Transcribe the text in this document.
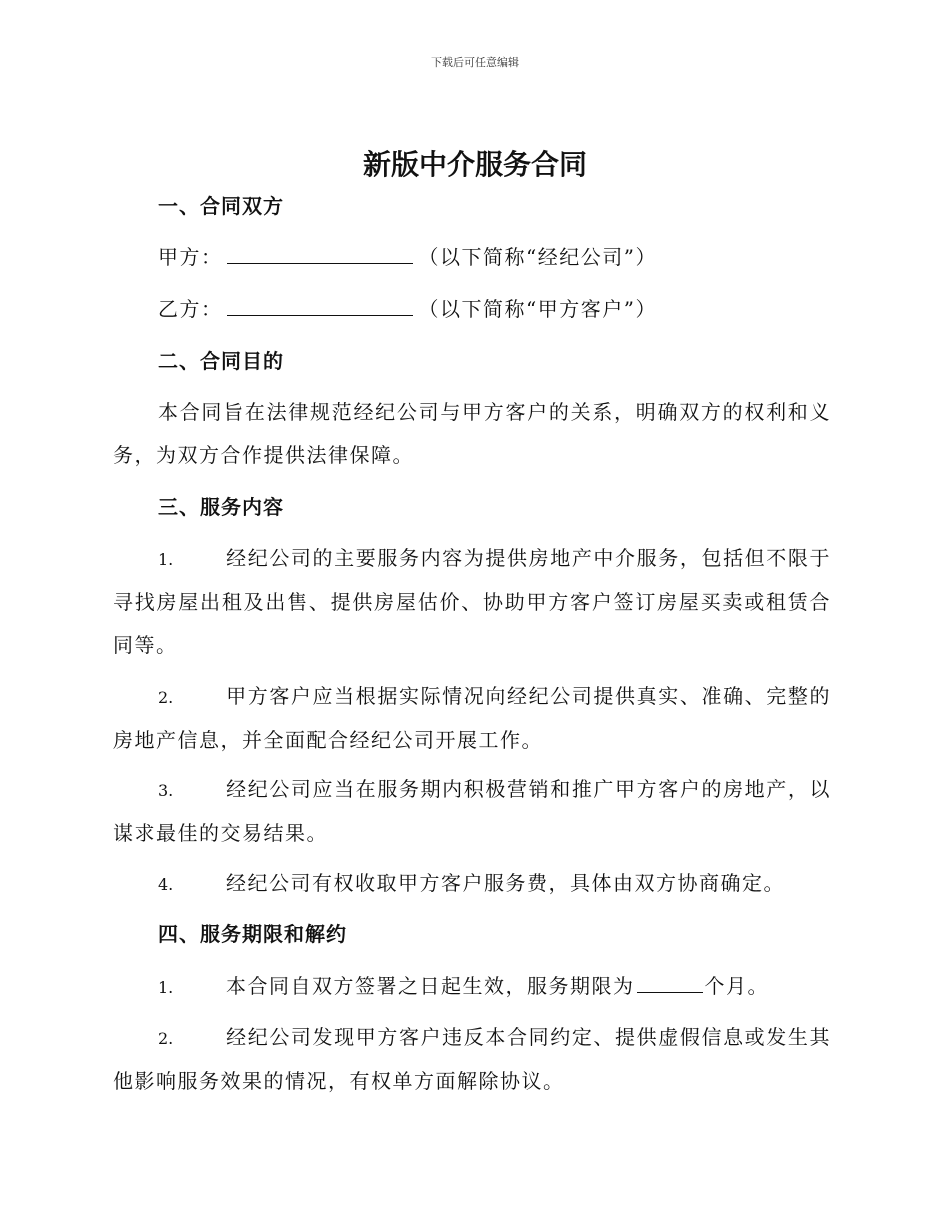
下载后可任意编辑
新版中介服务合同
一、合同双方
甲方：	（以下简称“经纪公司”）
乙方：	（以下简称“甲方客户”）
二、合同目的
本合同旨在法律规范经纪公司与甲方客户的关系，明确双方的权利和义务，为双方合作提供法律保障。
三、服务内容
1.	经纪公司的主要服务内容为提供房地产中介服务，包括但不限于寻找房屋出租及出售、提供房屋估价、协助甲方客户签订房屋买卖或租赁合同等。
2.	甲方客户应当根据实际情况向经纪公司提供真实、准确、完整的房地产信息，并全面配合经纪公司开展工作。
3.	经纪公司应当在服务期内积极营销和推广甲方客户的房地产，以谋求最佳的交易结果。
4.	经纪公司有权收取甲方客户服务费，具体由双方协商确定。
四、服务期限和解约
1.	本合同自双方签署之日起生效，服务期限为	个月。
2.	经纪公司发现甲方客户违反本合同约定、提供虚假信息或发生其他影响服务效果的情况，有权单方面解除协议。
